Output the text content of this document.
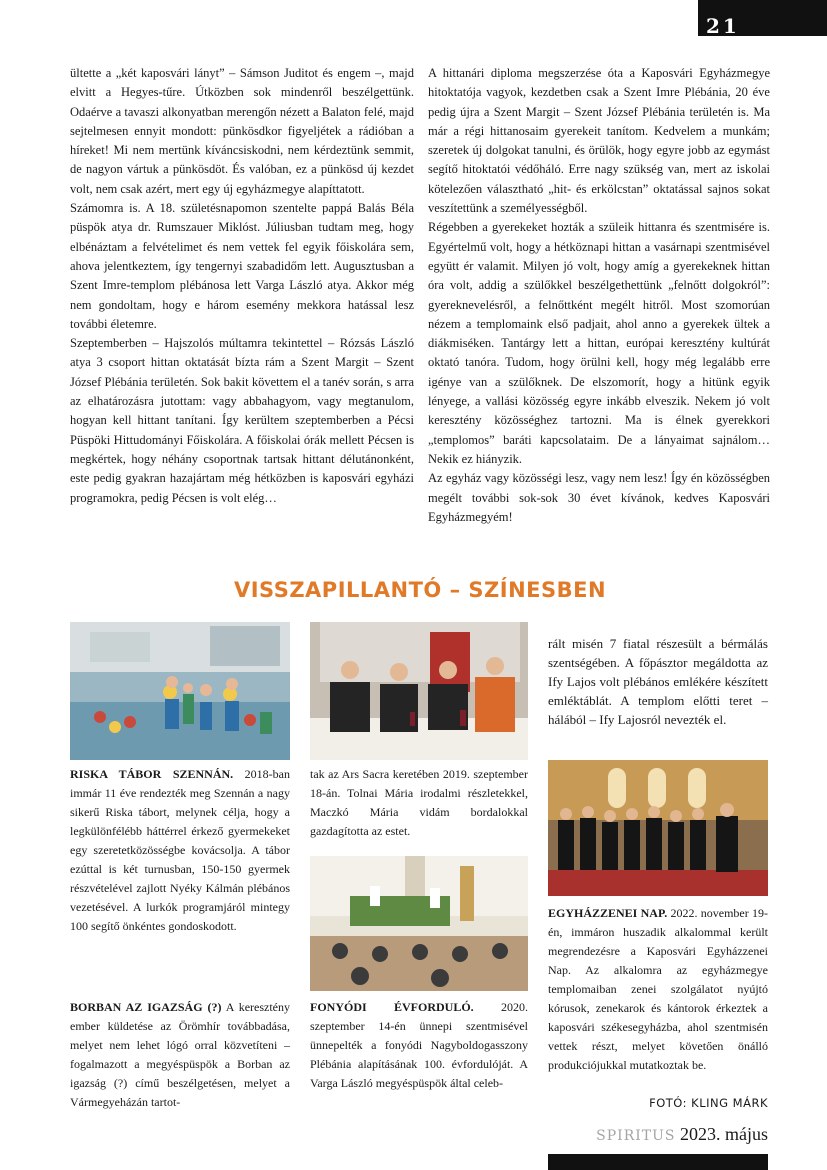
21

ültette a „két kaposvári lányt” – Sámson Juditot és engem –, majd elvitt a Hegyes-tűre. Útközben sok mindenről beszélgettünk. Odaérve a tavaszi alkonyatban merengőn nézett a Balaton felé, majd sejtelmesen ennyit mondott: pünkösdkor figyeljétek a rádióban a híreket! Mi nem mertünk kíváncsiskodni, nem kérdeztünk semmit, de nagyon vártuk a pünkösdöt. És valóban, ez a pünkösd új kezdet volt, nem csak azért, mert egy új egyházmegye alapíttatott.

Számomra is. A 18. születésnapomon szentelte pappá Balás Béla püspök atya dr. Rumszauer Miklóst. Júliusban tudtam meg, hogy elbénáztam a felvételimet és nem vettek fel egyik főiskolára sem, ahova jelentkeztem, így tengernyi szabadidőm lett. Augusztusban a Szent Imre-templom plébánosa lett Varga László atya. Akkor még nem gondoltam, hogy e három esemény mekkora hatással lesz további életemre.

Szeptemberben – Hajszolós múltamra tekintettel – Rózsás László atya 3 csoport hittan oktatását bízta rám a Szent Margit – Szent József Plébánia területén. Sok bakit követtem el a tanév során, s arra az elhatározásra jutottam: vagy abbahagyom, vagy megtanulom, hogyan kell hittant tanítani. Így kerültem szeptemberben a Pécsi Püspöki Hittudományi Főiskolára. A főiskolai órák mellett Pécsen is megkértek, hogy néhány csoportnak tartsak hittant délutánonként, este pedig gyakran hazajártam még hétközben is kaposvári egyházi programokra, pedig Pécsen is volt elég…

A hittanári diploma megszerzése óta a Kaposvári Egyházmegye hitoktatója vagyok, kezdetben csak a Szent Imre Plébánia, 20 éve pedig újra a Szent Margit – Szent József Plébánia területén is. Ma már a régi hittanosaim gyerekeit tanítom. Kedvelem a munkám; szeretek új dolgokat tanulni, és örülök, hogy egyre jobb az egymást segítő hitoktatói védőháló. Erre nagy szükség van, mert az iskolai kötelezően választható „hit- és erkölcstan” oktatással sajnos sokat veszítettünk a személyességből.

Régebben a gyerekeket hozták a szüleik hittanra és szentmisére is. Egyértelmű volt, hogy a hétköznapi hittan a vasárnapi szentmisével együtt ér valamit. Milyen jó volt, hogy amíg a gyerekeknek hittan óra volt, addig a szülőkkel beszélgethettünk „felnőtt dolgokról”: gyereknevelésről, a felnőttként megélt hitről. Most szomorúan nézem a templomaink első padjait, ahol anno a gyerekek ültek a diákmiséken. Tantárgy lett a hittan, európai keresztény kultúrát oktató tanóra. Tudom, hogy örülni kell, hogy még legalább erre igénye van a szülőknek. De elszomorít, hogy a hitünk egyik lényege, a vallási közösség egyre inkább elveszik. Nekem jó volt keresztény közösséghez tartozni. Ma is élnek gyerekkori „templomos” baráti kapcsolataim. De a lányaimat sajnálom… Nekik ez hiányzik.

Az egyház vagy közösségi lesz, vagy nem lesz! Így én közösségben megélt további sok-sok 30 évet kívánok, kedves Kaposvári Egyházmegyém!

VISSZAPILLANTÓ – SZÍNESBEN

RISKA TÁBOR SZENNÁN. 2018-ban immár 11 éve rendezték meg Szennán a nagy sikerű Riska tábort, melynek célja, hogy a legkülönfélébb háttérrel érkező gyermekeket egy szeretetközösségbe kovácsolja. A tábor ezúttal is két turnusban, 150-150 gyermek részvételével zajlott Nyéky Kálmán plébános vezetésével. A lurkók programjáról mintegy 100 segítő önkéntes gondoskodott.

BORBAN AZ IGAZSÁG (?) A keresztény ember küldetése az Örömhír továbbadása, melyet nem lehet lógó orral közvetíteni – fogalmazott a megyéspüspök a Borban az igazság (?) című beszélgetésen, melyet a Vármegyeházán tartot-

tak az Ars Sacra keretében 2019. szeptember 18-án. Tolnai Mária irodalmi részletekkel, Maczkó Mária vidám bordalokkal gazdagította az estet.

FONYÓDI ÉVFORDULÓ. 2020. szeptember 14-én ünnepi szentmisével ünnepelték a fonyódi Nagyboldogasszony Plébánia alapításának 100. évfordulóját. A Varga László megyéspüspök által celeb-

rált misén 7 fiatal részesült a bérmálás szentségében. A főpásztor megáldotta az Ify Lajos volt plébános emlékére készített emléktáblát. A templom előtti teret – hálából – Ify Lajosról nevezték el.

EGYHÁZZENEI NAP. 2022. november 19-én, immáron huszadik alkalommal került megrendezésre a Kaposvári Egyházzenei Nap. Az alkalomra az egyházmegye templomaiban zenei szolgálatot nyújtó kórusok, zenekarok és kántorok érkeztek a kaposvári székesegyházba, ahol szentmisén vettek részt, melyet követően önálló produkciójukkal mutatkoztak be.

FOTÓ: KLING MÁRK
SPIRITUS 2023. május
